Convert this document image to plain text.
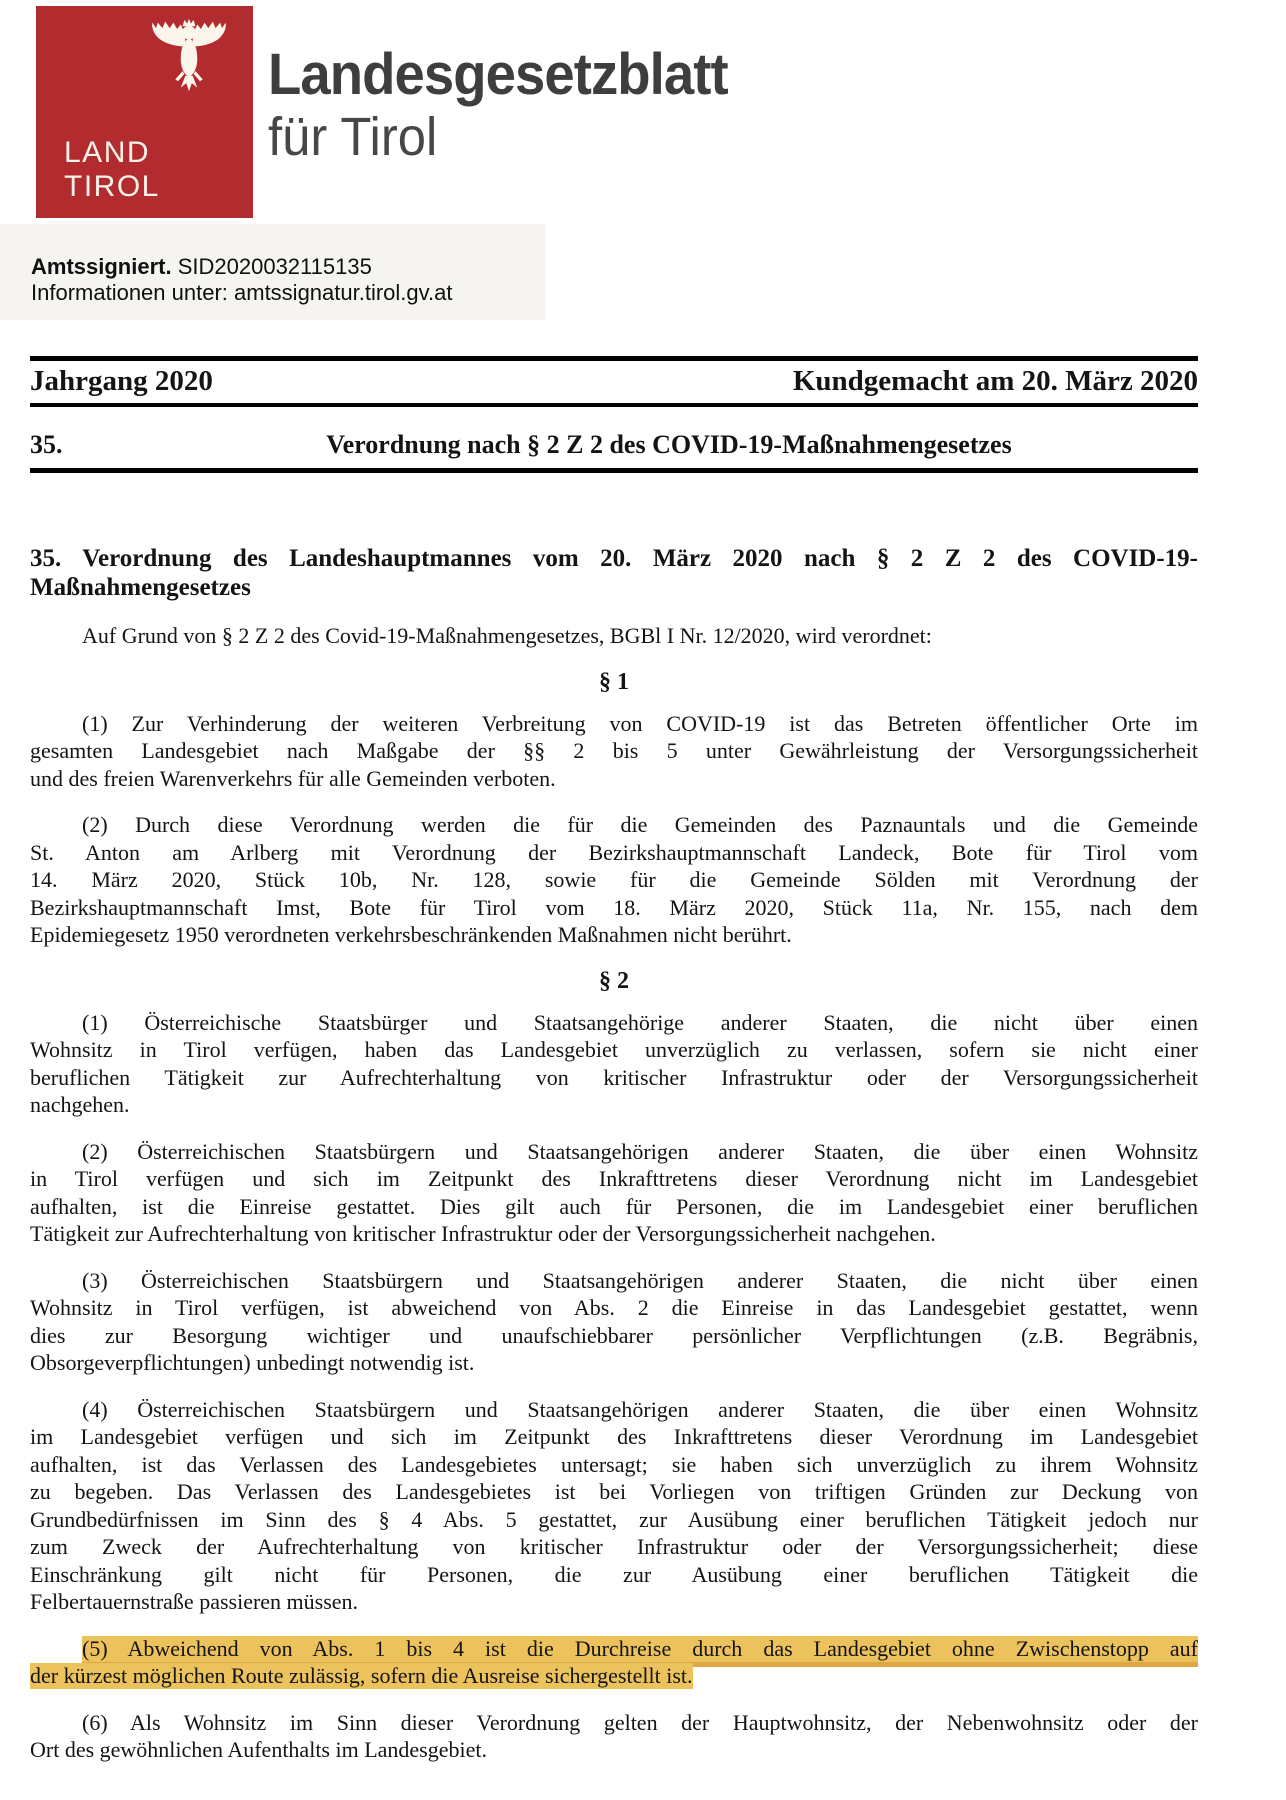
LAND
TIROL
Landesgesetzblatt
für Tirol
Amtssigniert. SID2020032115135
Informationen unter: amtssignatur.tirol.gv.at
Jahrgang 2020	Kundgemacht am 20. März 2020
35.	Verordnung nach § 2 Z 2 des COVID-19-Maßnahmengesetzes
35. Verordnung des Landeshauptmannes vom 20. März 2020 nach § 2 Z 2 des COVID-19-
Maßnahmengesetzes
Auf Grund von § 2 Z 2 des Covid-19-Maßnahmengesetzes, BGBl I Nr. 12/2020, wird verordnet:
§ 1
(1) Zur Verhinderung der weiteren Verbreitung von COVID-19 ist das Betreten öffentlicher Orte im
gesamten Landesgebiet nach Maßgabe der §§ 2 bis 5 unter Gewährleistung der Versorgungssicherheit
und des freien Warenverkehrs für alle Gemeinden verboten.
(2) Durch diese Verordnung werden die für die Gemeinden des Paznauntals und die Gemeinde
St. Anton am Arlberg mit Verordnung der Bezirkshauptmannschaft Landeck, Bote für Tirol vom
14. März 2020, Stück 10b, Nr. 128, sowie für die Gemeinde Sölden mit Verordnung der
Bezirkshauptmannschaft Imst, Bote für Tirol vom 18. März 2020, Stück 11a, Nr. 155, nach dem
Epidemiegesetz 1950 verordneten verkehrsbeschränkenden Maßnahmen nicht berührt.
§ 2
(1) Österreichische Staatsbürger und Staatsangehörige anderer Staaten, die nicht über einen
Wohnsitz in Tirol verfügen, haben das Landesgebiet unverzüglich zu verlassen, sofern sie nicht einer
beruflichen Tätigkeit zur Aufrechterhaltung von kritischer Infrastruktur oder der Versorgungssicherheit
nachgehen.
(2) Österreichischen Staatsbürgern und Staatsangehörigen anderer Staaten, die über einen Wohnsitz
in Tirol verfügen und sich im Zeitpunkt des Inkrafttretens dieser Verordnung nicht im Landesgebiet
aufhalten, ist die Einreise gestattet. Dies gilt auch für Personen, die im Landesgebiet einer beruflichen
Tätigkeit zur Aufrechterhaltung von kritischer Infrastruktur oder der Versorgungssicherheit nachgehen.
(3) Österreichischen Staatsbürgern und Staatsangehörigen anderer Staaten, die nicht über einen
Wohnsitz in Tirol verfügen, ist abweichend von Abs. 2 die Einreise in das Landesgebiet gestattet, wenn
dies zur Besorgung wichtiger und unaufschiebbarer persönlicher Verpflichtungen (z.B. Begräbnis,
Obsorgeverpflichtungen) unbedingt notwendig ist.
(4) Österreichischen Staatsbürgern und Staatsangehörigen anderer Staaten, die über einen Wohnsitz
im Landesgebiet verfügen und sich im Zeitpunkt des Inkrafttretens dieser Verordnung im Landesgebiet
aufhalten, ist das Verlassen des Landesgebietes untersagt; sie haben sich unverzüglich zu ihrem Wohnsitz
zu begeben. Das Verlassen des Landesgebietes ist bei Vorliegen von triftigen Gründen zur Deckung von
Grundbedürfnissen im Sinn des § 4 Abs. 5 gestattet, zur Ausübung einer beruflichen Tätigkeit jedoch nur
zum Zweck der Aufrechterhaltung von kritischer Infrastruktur oder der Versorgungssicherheit; diese
Einschränkung gilt nicht für Personen, die zur Ausübung einer beruflichen Tätigkeit die
Felbertauernstraße passieren müssen.
(5) Abweichend von Abs. 1 bis 4 ist die Durchreise durch das Landesgebiet ohne Zwischenstopp auf
der kürzest möglichen Route zulässig, sofern die Ausreise sichergestellt ist.
(6) Als Wohnsitz im Sinn dieser Verordnung gelten der Hauptwohnsitz, der Nebenwohnsitz oder der
Ort des gewöhnlichen Aufenthalts im Landesgebiet.
